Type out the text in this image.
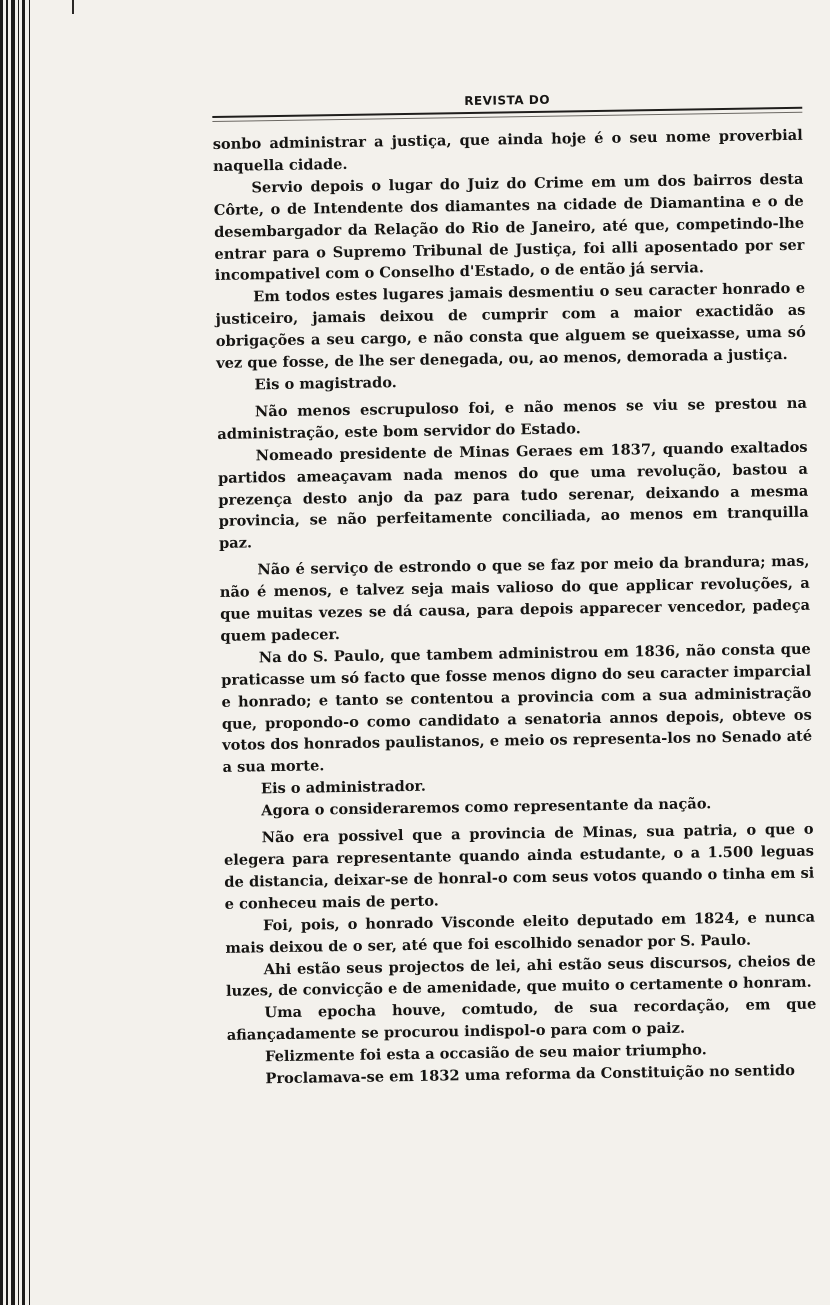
REVISTA DO

sonbo administrar a justiça, que ainda hoje é o seu nome proverbial naquella cidade.

Servio depois o lugar do Juiz do Crime em um dos bairros desta Côrte, o de Intendente dos diamantes na cidade de Diamantina e o de desembargador da Relação do Rio de Janeiro, até que, competindo-lhe entrar para o Supremo Tribunal de Justiça, foi alli aposentado por ser incompativel com o Conselho d'Estado, o de então já servia.

Em todos estes lugares jamais desmentiu o seu caracter honrado e justiceiro, jamais deixou de cumprir com a maior exactidão as obrigações a seu cargo, e não consta que alguem se queixasse, uma só vez que fosse, de lhe ser denegada, ou, ao menos, demorada a justiça.

Eis o magistrado.

Não menos escrupuloso foi, e não menos se viu se prestou na administração, este bom servidor do Estado.

Nomeado presidente de Minas Geraes em 1837, quando exaltados partidos ameaçavam nada menos do que uma revolução, bastou a prezença desto anjo da paz para tudo serenar, deixando a mesma provincia, se não perfeitamente conciliada, ao menos em tranquilla paz.

Não é serviço de estrondo o que se faz por meio da brandura; mas, não é menos, e talvez seja mais valioso do que applicar revoluções, a que muitas vezes se dá causa, para depois apparecer vencedor, padeça quem padecer.

Na do S. Paulo, que tambem administrou em 1836, não consta que praticasse um só facto que fosse menos digno do seu caracter imparcial e honrado; e tanto se contentou a provincia com a sua administração que, propondo-o como candidato a senatoria annos depois, obteve os votos dos honrados paulistanos, e meio os representa-los no Senado até a sua morte.

Eis o administrador.

Agora o consideraremos como representante da nação.

Não era possivel que a provincia de Minas, sua patria, o que o elegera para representante quando ainda estudante, o a 1.500 leguas de distancia, deixar-se de honral-o com seus votos quando o tinha em si e conheceu mais de perto.

Foi, pois, o honrado Visconde eleito deputado em 1824, e nunca mais deixou de o ser, até que foi escolhido senador por S. Paulo.

Ahi estão seus projectos de lei, ahi estão seus discursos, cheios de luzes, de convicção e de amenidade, que muito o certamente o honram.

Uma epocha houve, comtudo, de sua recordação, em que afiançadamente se procurou indispol-o para com o paiz.

Felizmente foi esta a occasião de seu maior triumpho.

Proclamava-se em 1832 uma reforma da Constituição no sentido
